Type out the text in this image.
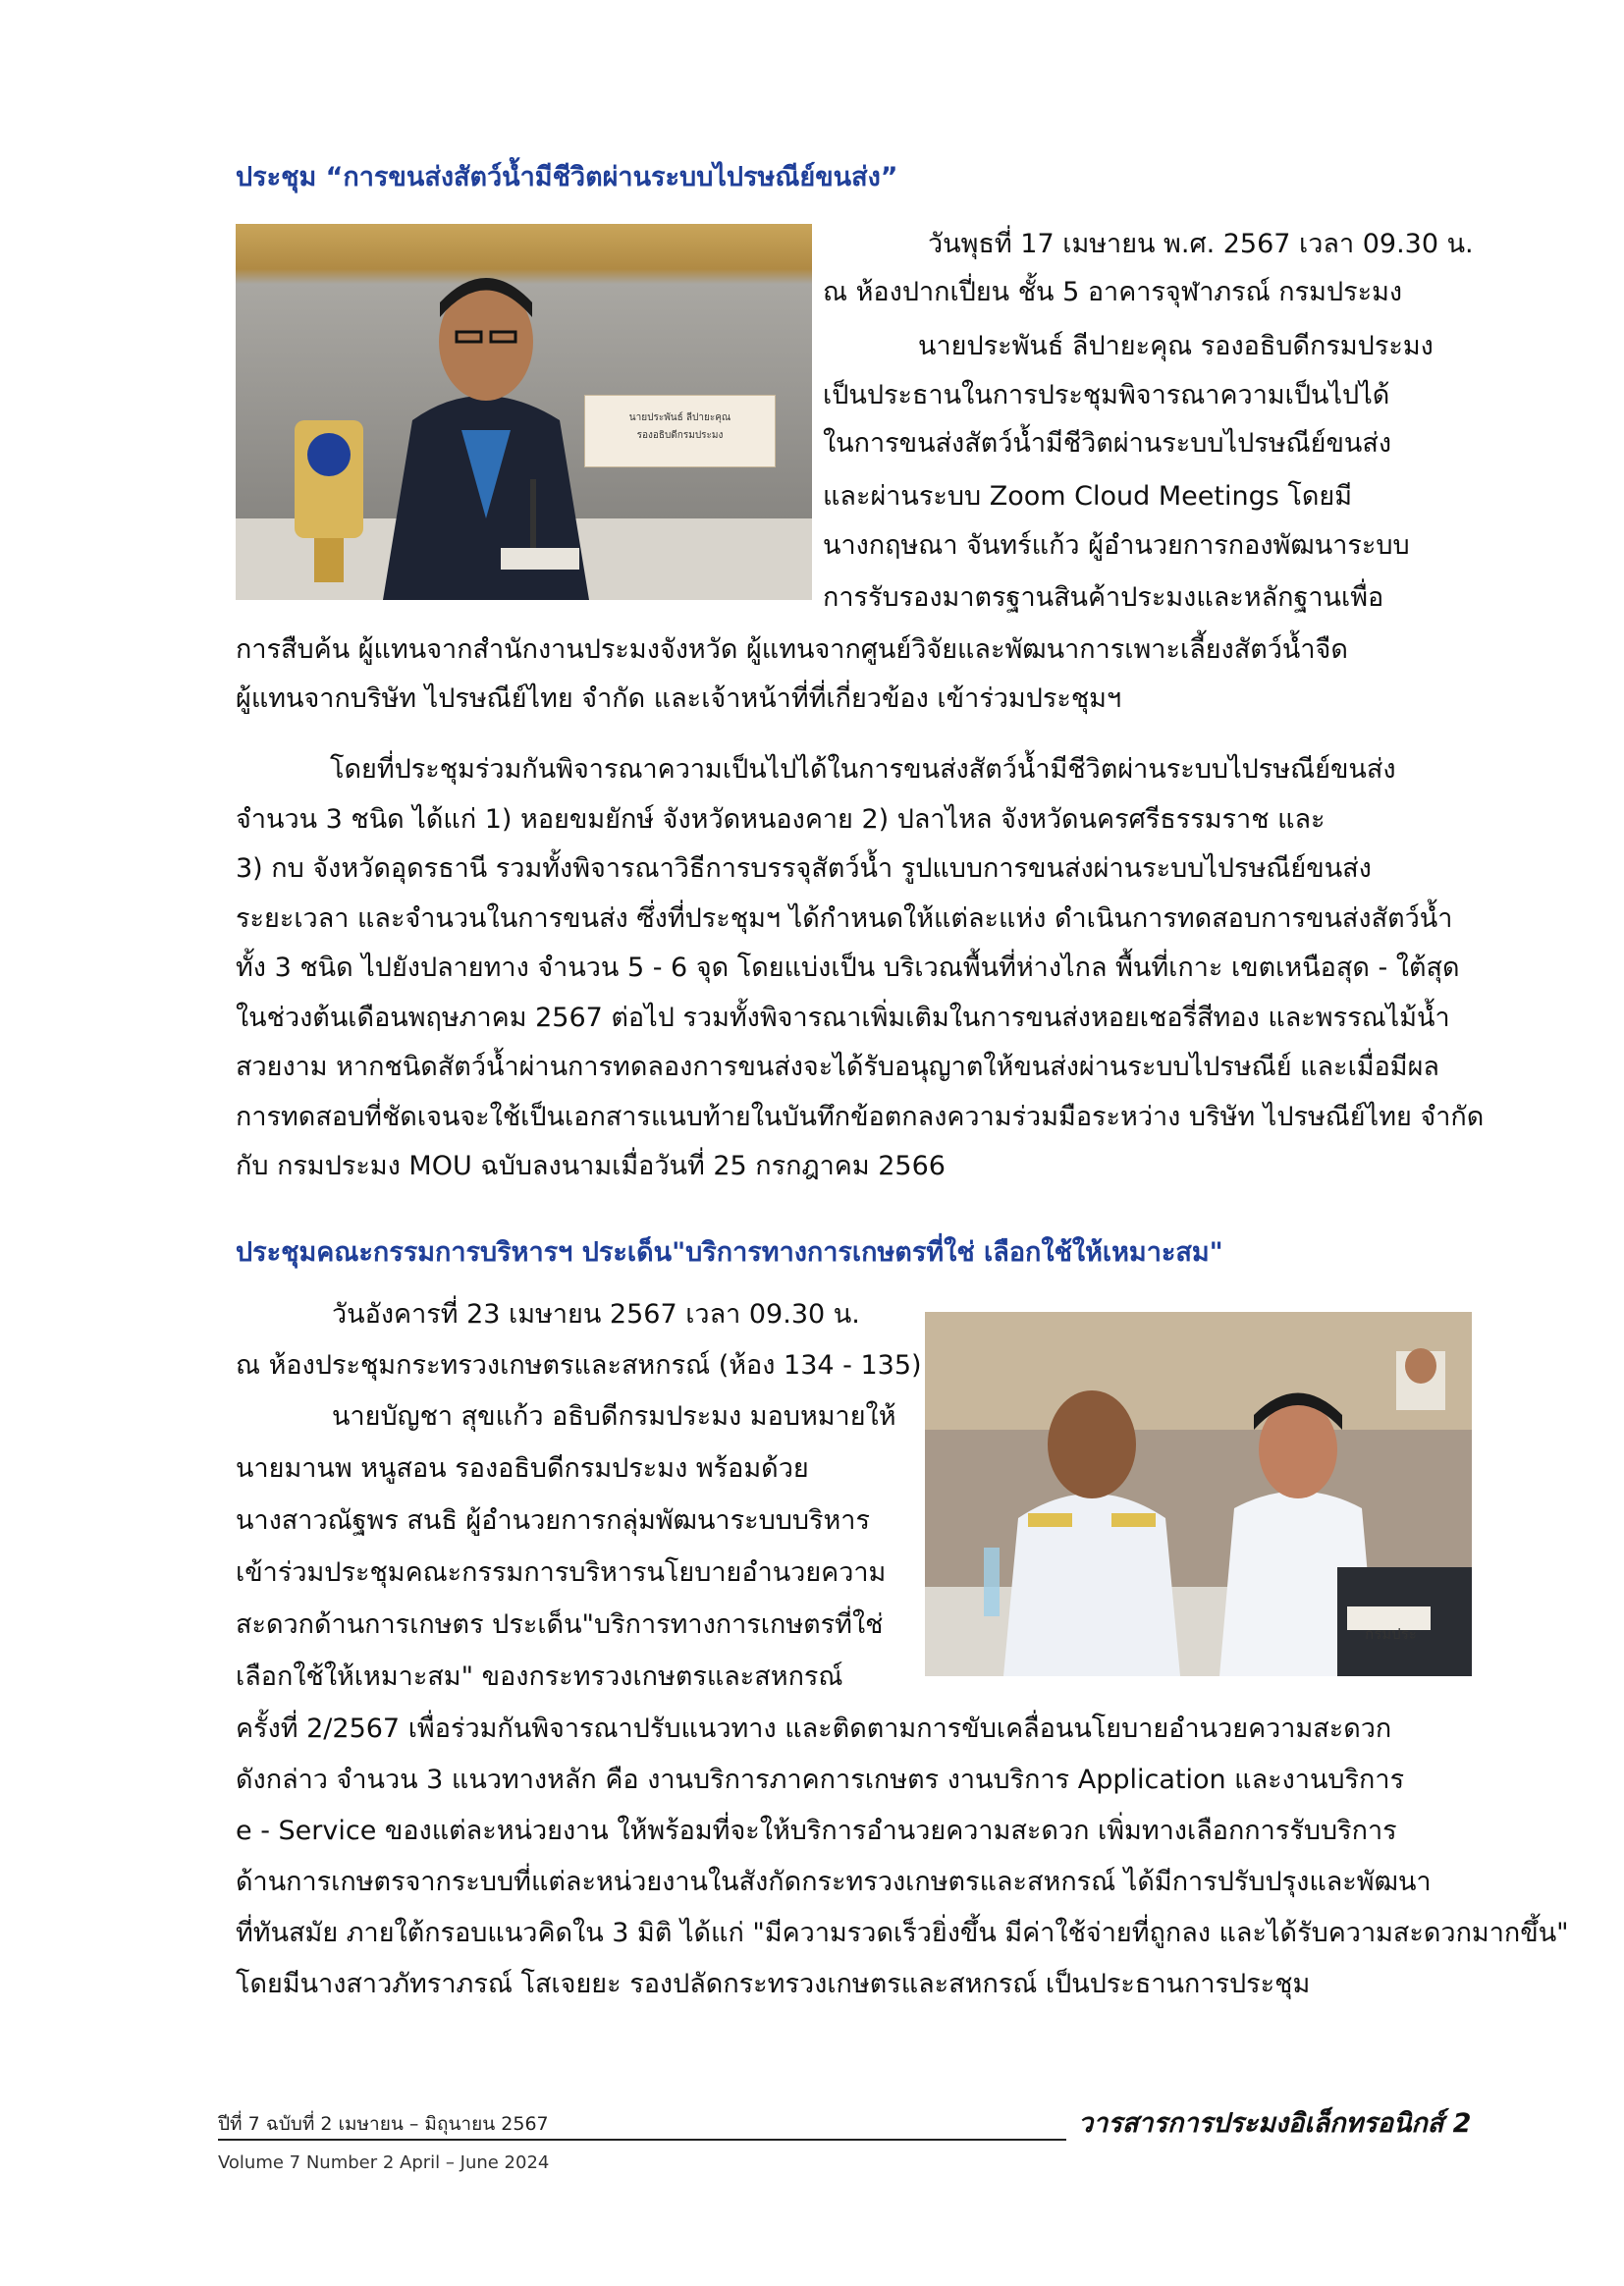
ประชุม “การขนส่งสัตว์น้ำมีชีวิตผ่านระบบไปรษณีย์ขนส่ง”
นายประพันธ์ ลีปายะคุณ
รองอธิบดีกรมประมง

วันพุธที่ 17 เมษายน พ.ศ. 2567 เวลา 09.30 น.

ณ ห้องปากเปี่ยน ชั้น 5 อาคารจุฬาภรณ์ กรมประมง

นายประพันธ์ ลีปายะคุณ รองอธิบดีกรมประมง

เป็นประธานในการประชุมพิจารณาความเป็นไปได้

ในการขนส่งสัตว์น้ำมีชีวิตผ่านระบบไปรษณีย์ขนส่ง

และผ่านระบบ Zoom Cloud Meetings โดยมี

นางกฤษณา จันทร์แก้ว ผู้อำนวยการกองพัฒนาระบบ

การรับรองมาตรฐานสินค้าประมงและหลักฐานเพื่อ

การสืบค้น ผู้แทนจากสำนักงานประมงจังหวัด ผู้แทนจากศูนย์วิจัยและพัฒนาการเพาะเลี้ยงสัตว์น้ำจืด

ผู้แทนจากบริษัท ไปรษณีย์ไทย จำกัด และเจ้าหน้าที่ที่เกี่ยวข้อง เข้าร่วมประชุมฯ

โดยที่ประชุมร่วมกันพิจารณาความเป็นไปได้ในการขนส่งสัตว์น้ำมีชีวิตผ่านระบบไปรษณีย์ขนส่ง

จำนวน 3 ชนิด ได้แก่ 1) หอยขมยักษ์ จังหวัดหนองคาย 2) ปลาไหล จังหวัดนครศรีธรรมราช และ

3) กบ จังหวัดอุดรธานี รวมทั้งพิจารณาวิธีการบรรจุสัตว์น้ำ รูปแบบการขนส่งผ่านระบบไปรษณีย์ขนส่ง

ระยะเวลา และจำนวนในการขนส่ง ซึ่งที่ประชุมฯ ได้กำหนดให้แต่ละแห่ง ดำเนินการทดสอบการขนส่งสัตว์น้ำ

ทั้ง 3 ชนิด ไปยังปลายทาง จำนวน 5 - 6 จุด โดยแบ่งเป็น บริเวณพื้นที่ห่างไกล พื้นที่เกาะ เขตเหนือสุด - ใต้สุด

ในช่วงต้นเดือนพฤษภาคม 2567 ต่อไป รวมทั้งพิจารณาเพิ่มเติมในการขนส่งหอยเชอรี่สีทอง และพรรณไม้น้ำ

สวยงาม หากชนิดสัตว์น้ำผ่านการทดลองการขนส่งจะได้รับอนุญาตให้ขนส่งผ่านระบบไปรษณีย์ และเมื่อมีผล

การทดสอบที่ชัดเจนจะใช้เป็นเอกสารแนบท้ายในบันทึกข้อตกลงความร่วมมือระหว่าง บริษัท ไปรษณีย์ไทย จำกัด

กับ กรมประมง MOU ฉบับลงนามเมื่อวันที่ 25 กรกฎาคม 2566

ประชุมคณะกรรมการบริหารฯ ประเด็น"บริการทางการเกษตรที่ใช่ เลือกใช้ให้เหมาะสม"

วันอังคารที่ 23 เมษายน 2567 เวลา 09.30 น.

ณ ห้องประชุมกระทรวงเกษตรและสหกรณ์ (ห้อง 134 - 135)

นายบัญชา สุขแก้ว อธิบดีกรมประมง มอบหมายให้

นายมานพ หนูสอน รองอธิบดีกรมประมง พร้อมด้วย

นางสาวณัฐพร สนธิ ผู้อำนวยการกลุ่มพัฒนาระบบบริหาร

เข้าร่วมประชุมคณะกรรมการบริหารนโยบายอำนวยความ

สะดวกด้านการเกษตร ประเด็น"บริการทางการเกษตรที่ใช่

เลือกใช้ให้เหมาะสม" ของกระทรวงเกษตรและสหกรณ์

กรมประ

ครั้งที่ 2/2567 เพื่อร่วมกันพิจารณาปรับแนวทาง และติดตามการขับเคลื่อนนโยบายอำนวยความสะดวก

ดังกล่าว จำนวน 3 แนวทางหลัก คือ งานบริการภาคการเกษตร งานบริการ Application และงานบริการ

e - Service ของแต่ละหน่วยงาน ให้พร้อมที่จะให้บริการอำนวยความสะดวก เพิ่มทางเลือกการรับบริการ

ด้านการเกษตรจากระบบที่แต่ละหน่วยงานในสังกัดกระทรวงเกษตรและสหกรณ์ ได้มีการปรับปรุงและพัฒนา

ที่ทันสมัย ภายใต้กรอบแนวคิดใน 3 มิติ ได้แก่ "มีความรวดเร็วยิ่งขึ้น มีค่าใช้จ่ายที่ถูกลง และได้รับความสะดวกมากขึ้น"

โดยมีนางสาวภัทราภรณ์ โสเจยยะ รองปลัดกระทรวงเกษตรและสหกรณ์ เป็นประธานการประชุม

ปีที่ 7 ฉบับที่ 2 เมษายน – มิถุนายน 2567	วารสารการประมงอิเล็กทรอนิกส์ 2
Volume 7 Number 2 April – June 2024
